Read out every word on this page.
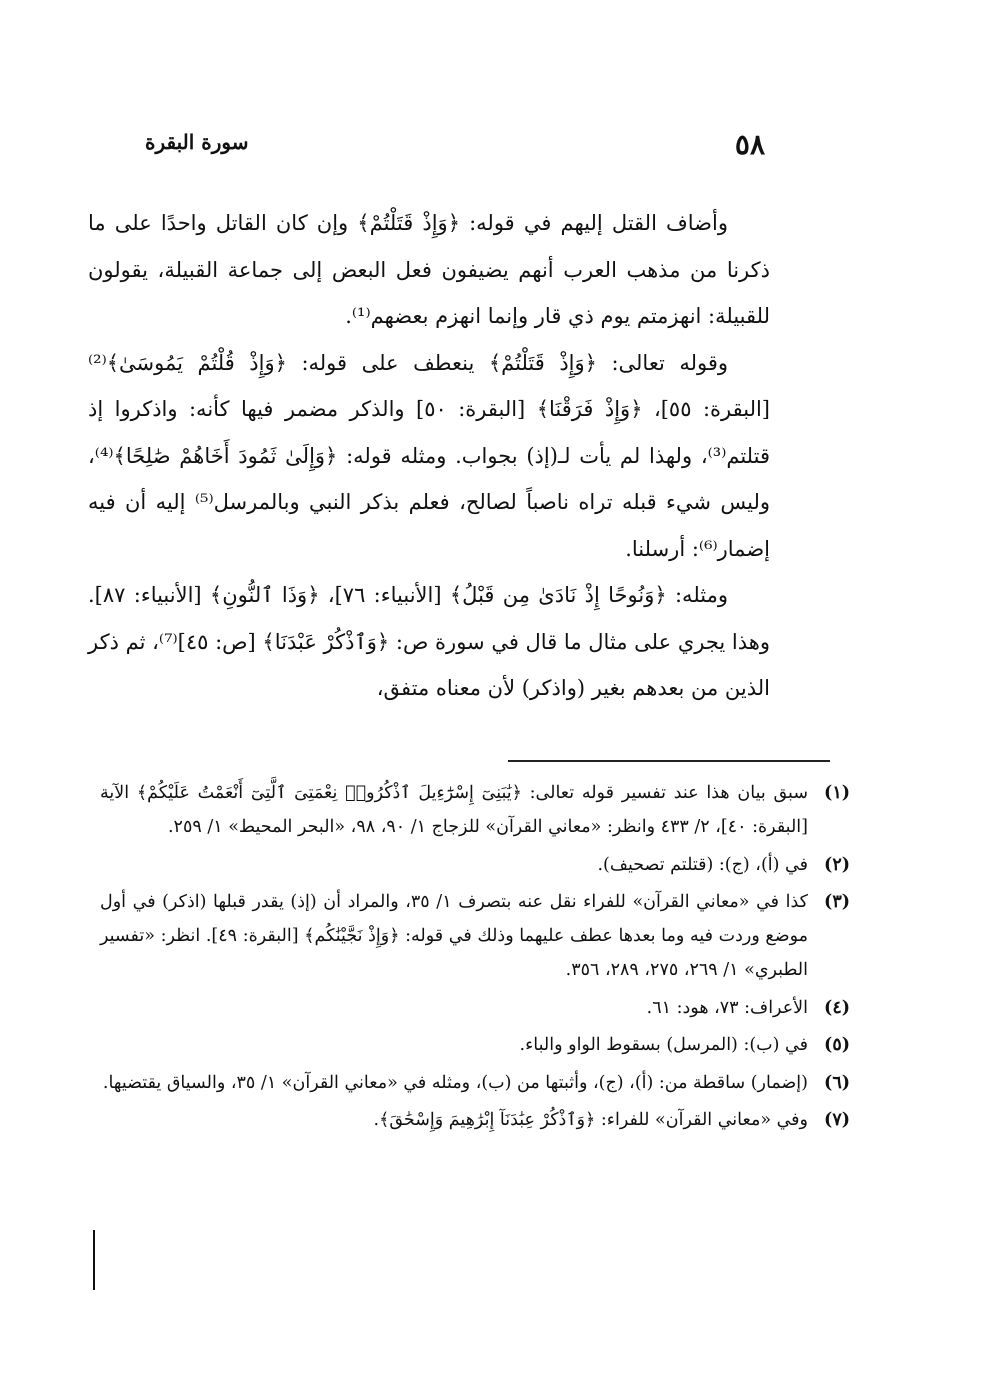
٥٨
سورة البقرة

وأضاف القتل إليهم في قوله: ﴿وَإِذْ قَتَلْتُمْ﴾ وإن كان القاتل واحدًا على ما ذكرنا من مذهب العرب أنهم يضيفون فعل البعض إلى جماعة القبيلة، يقولون للقبيلة: انهزمتم يوم ذي قار وإنما انهزم بعضهم⁽¹⁾.

وقوله تعالى: ﴿وَإِذْ قَتَلْتُمْ﴾ ينعطف على قوله: ﴿وَإِذْ قُلْتُمْ يَمُوسَىٰ﴾⁽²⁾ [البقرة: ٥٥]، ﴿وَإِذْ فَرَقْنَا﴾ [البقرة: ٥٠] والذكر مضمر فيها كأنه: واذكروا إذ قتلتم⁽³⁾، ولهذا لم يأت لـ(إذ) بجواب. ومثله قوله: ﴿وَإِلَىٰ ثَمُودَ أَخَاهُمْ صَٰلِحًا﴾⁽⁴⁾، وليس شيء قبله تراه ناصباً لصالح، فعلم بذكر النبي وبالمرسل⁽⁵⁾ إليه أن فيه إضمار⁽⁶⁾: أرسلنا.

ومثله: ﴿وَنُوحًا إِذْ نَادَىٰ مِن قَبْلُ﴾ [الأنبياء: ٧٦]، ﴿وَذَا ٱلنُّونِ﴾ [الأنبياء: ٨٧]. وهذا يجري على مثال ما قال في سورة ص: ﴿وَٱذْكُرْ عَبْدَنَا﴾ [ص: ٤٥]⁽⁷⁾، ثم ذكر الذين من بعدهم بغير (واذكر) لأن معناه متفق،

(١)
سبق بيان هذا عند تفسير قوله تعالى: ﴿يَٰبَنِىٓ إِسْرَٰٓءِيلَ ٱذْكُرُوا۟ نِعْمَتِىَ ٱلَّتِىٓ أَنْعَمْتُ عَلَيْكُمْ﴾ الآية [البقرة: ٤٠]، ٢/ ٤٣٣ وانظر: «معاني القرآن» للزجاج ١/ ٩٠، ٩٨، «البحر المحيط» ١/ ٢٥٩.
(٢)
في (أ)، (ج): (قتلتم تصحيف).
(٣)
كذا في «معاني القرآن» للفراء نقل عنه بتصرف ١/ ٣٥، والمراد أن (إذ) يقدر قبلها (اذكر) في أول موضع وردت فيه وما بعدها عطف عليهما وذلك في قوله: ﴿وَإِذْ نَجَّيْنَٰكُم﴾ [البقرة: ٤٩]. انظر: «تفسير الطبري» ١/ ٢٦٩، ٢٧٥، ٢٨٩، ٣٥٦.
(٤)
الأعراف: ٧٣، هود: ٦١.
(٥)
في (ب): (المرسل) بسقوط الواو والباء.
(٦)
(إضمار) ساقطة من: (أ)، (ج)، وأثبتها من (ب)، ومثله في «معاني القرآن» ١/ ٣٥، والسياق يقتضيها.
(٧)
وفي «معاني القرآن» للفراء: ﴿وَٱذْكُرْ عِبَٰدَنَآ إِبْرَٰهِيمَ وَإِسْحَٰقَ﴾.
